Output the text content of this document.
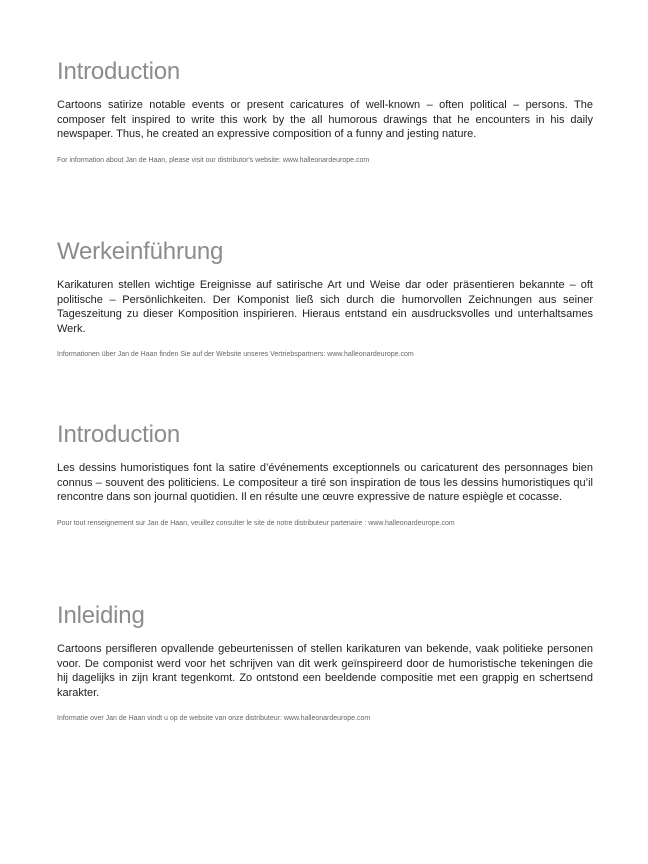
Introduction

Cartoons satirize notable events or present caricatures of well-known – often political – persons. The composer felt inspired to write this work by the all humorous drawings that he encounters in his daily newspaper. Thus, he created an expressive composition of a funny and jesting nature.

For information about Jan de Haan, please visit our distributor's website: www.halleonardeurope.com

Werkeinführung

Karikaturen stellen wichtige Ereignisse auf satirische Art und Weise dar oder präsentieren bekannte – oft politische – Persönlichkeiten. Der Komponist ließ sich durch die humorvollen Zeichnungen aus seiner Tageszeitung zu dieser Komposition inspirieren. Hieraus entstand ein ausdrucksvolles und unterhaltsames Werk.

Informationen über Jan de Haan finden Sie auf der Website unseres Vertriebspartners: www.halleonardeurope.com

Introduction

Les dessins humoristiques font la satire d’événements exceptionnels ou caricaturent des personnages bien connus – souvent des politiciens. Le compositeur a tiré son inspiration de tous les dessins humoristiques qu’il rencontre dans son journal quotidien. Il en résulte une œuvre expressive de nature espiègle et cocasse.

Pour tout renseignement sur Jan de Haan, veuillez consulter le site de notre distributeur partenaire : www.halleonardeurope.com

Inleiding

Cartoons persifleren opvallende gebeurtenissen of stellen karikaturen van bekende, vaak politieke personen voor. De componist werd voor het schrijven van dit werk geïnspireerd door de humoristische tekeningen die hij dagelijks in zijn krant tegenkomt. Zo ontstond een beeldende compositie met een grappig en schertsend karakter.

Informatie over Jan de Haan vindt u op de website van onze distributeur: www.halleonardeurope.com
